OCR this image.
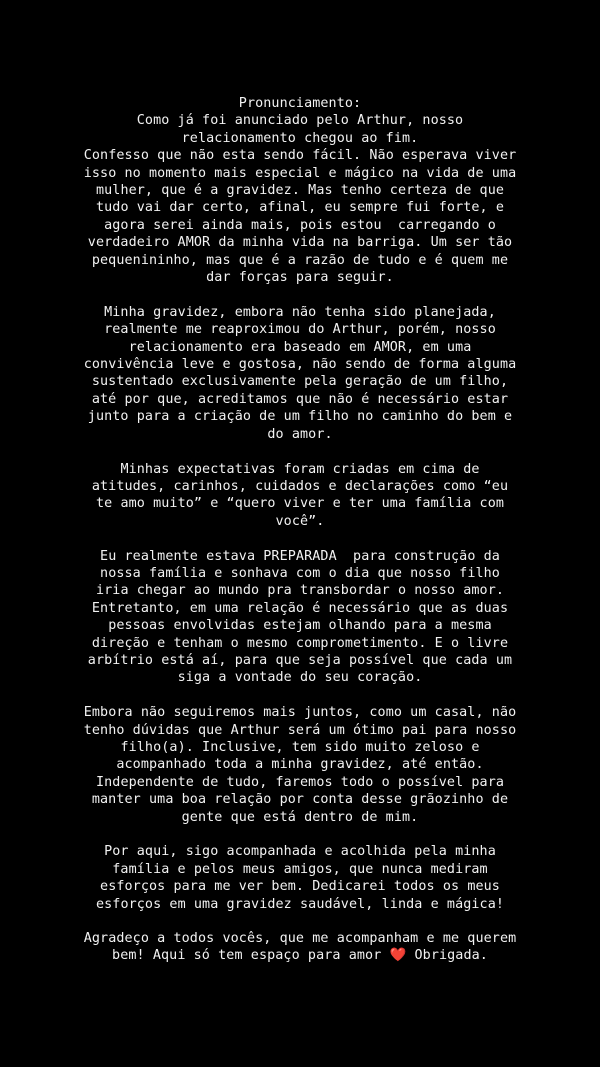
Pronunciamento:
Como já foi anunciado pelo Arthur, nosso
relacionamento chegou ao fim.
Confesso que não esta sendo fácil. Não esperava viver
isso no momento mais especial e mágico na vida de uma
mulher, que é a gravidez. Mas tenho certeza de que
tudo vai dar certo, afinal, eu sempre fui forte, e
agora serei ainda mais, pois estou  carregando o
verdadeiro AMOR da minha vida na barriga. Um ser tão
pequenininho, mas que é a razão de tudo e é quem me
dar forças para seguir.
Minha gravidez, embora não tenha sido planejada,
realmente me reaproximou do Arthur, porém, nosso
relacionamento era baseado em AMOR, em uma
convivência leve e gostosa, não sendo de forma alguma
sustentado exclusivamente pela geração de um filho,
até por que, acreditamos que não é necessário estar
junto para a criação de um filho no caminho do bem e
do amor.
Minhas expectativas foram criadas em cima de
atitudes, carinhos, cuidados e declarações como “eu
te amo muito” e “quero viver e ter uma família com
você”.
Eu realmente estava PREPARADA  para construção da
nossa família e sonhava com o dia que nosso filho
iria chegar ao mundo pra transbordar o nosso amor.
Entretanto, em uma relação é necessário que as duas
pessoas envolvidas estejam olhando para a mesma
direção e tenham o mesmo comprometimento. E o livre
arbítrio está aí, para que seja possível que cada um
siga a vontade do seu coração.
Embora não seguiremos mais juntos, como um casal, não
tenho dúvidas que Arthur será um ótimo pai para nosso
filho(a). Inclusive, tem sido muito zeloso e
acompanhado toda a minha gravidez, até então.
Independente de tudo, faremos todo o possível para
manter uma boa relação por conta desse grãozinho de
gente que está dentro de mim.
Por aqui, sigo acompanhada e acolhida pela minha
família e pelos meus amigos, que nunca mediram
esforços para me ver bem. Dedicarei todos os meus
esforços em uma gravidez saudável, linda e mágica!
Agradeço a todos vocês, que me acompanham e me querem
bem! Aqui só tem espaço para amor ❤️ Obrigada.
